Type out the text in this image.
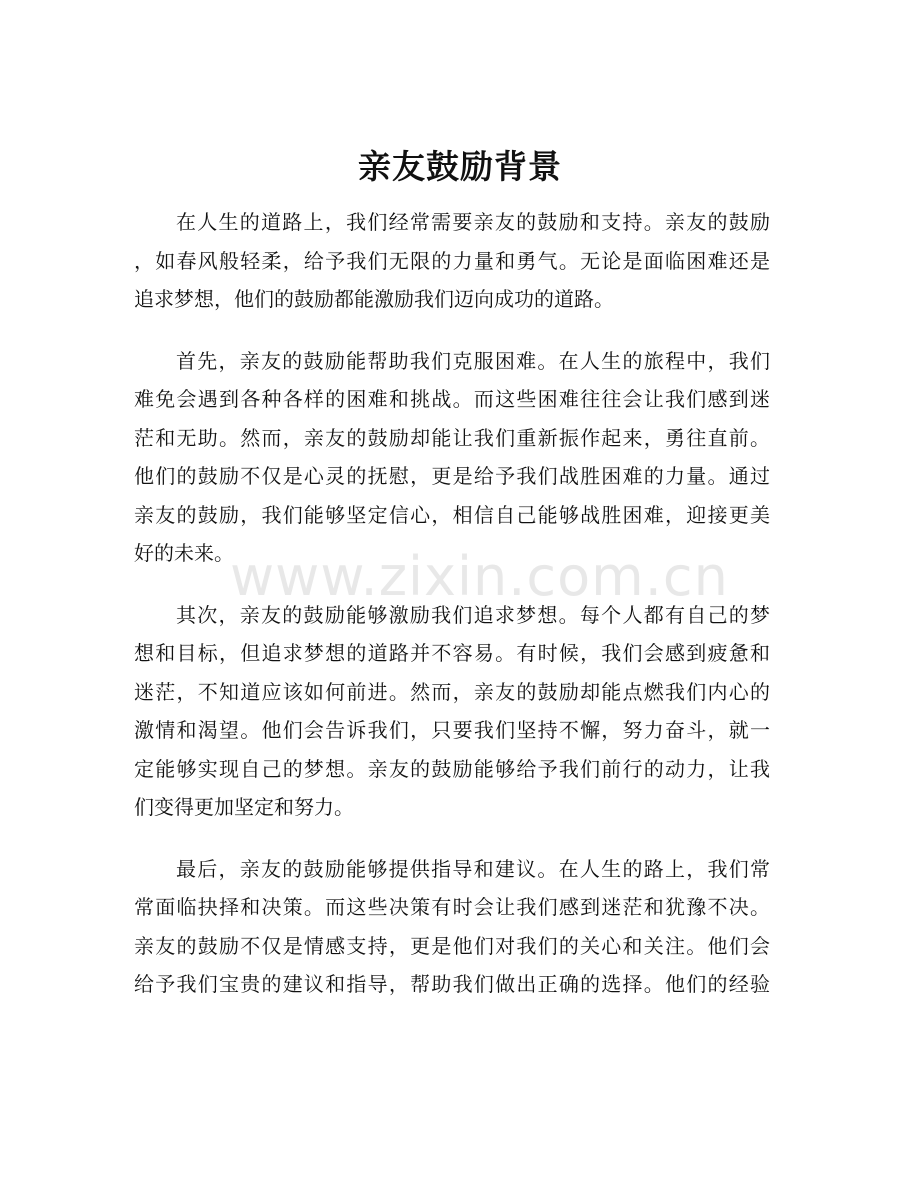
亲友鼓励背景

在人生的道路上，我们经常需要亲友的鼓励和支持。亲友的鼓励
，如春风般轻柔，给予我们无限的力量和勇气。无论是面临困难还是
追求梦想，他们的鼓励都能激励我们迈向成功的道路。

首先，亲友的鼓励能帮助我们克服困难。在人生的旅程中，我们
难免会遇到各种各样的困难和挑战。而这些困难往往会让我们感到迷
茫和无助。然而，亲友的鼓励却能让我们重新振作起来，勇往直前。
他们的鼓励不仅是心灵的抚慰，更是给予我们战胜困难的力量。通过
亲友的鼓励，我们能够坚定信心，相信自己能够战胜困难，迎接更美
好的未来。

其次，亲友的鼓励能够激励我们追求梦想。每个人都有自己的梦
想和目标，但追求梦想的道路并不容易。有时候，我们会感到疲惫和
迷茫，不知道应该如何前进。然而，亲友的鼓励却能点燃我们内心的
激情和渴望。他们会告诉我们，只要我们坚持不懈，努力奋斗，就一
定能够实现自己的梦想。亲友的鼓励能够给予我们前行的动力，让我
们变得更加坚定和努力。

最后，亲友的鼓励能够提供指导和建议。在人生的路上，我们常
常面临抉择和决策。而这些决策有时会让我们感到迷茫和犹豫不决。
亲友的鼓励不仅是情感支持，更是他们对我们的关心和关注。他们会
给予我们宝贵的建议和指导，帮助我们做出正确的选择。他们的经验

www.zixin.com.cn
